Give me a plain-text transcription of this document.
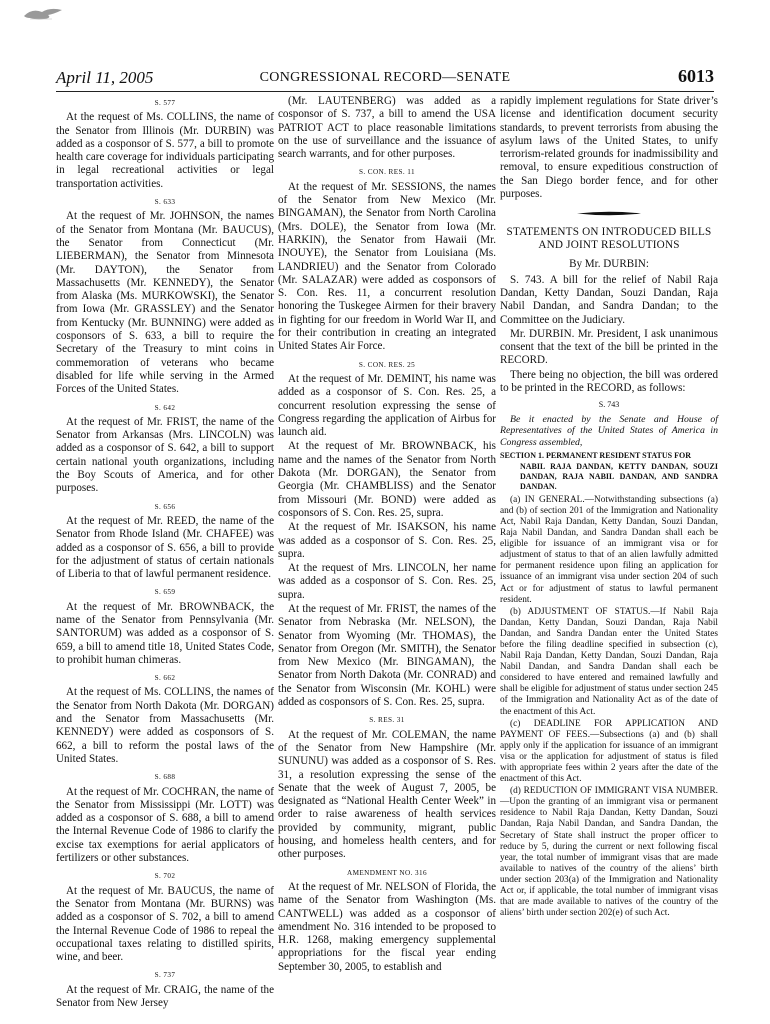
April 11, 2005	CONGRESSIONAL RECORD—SENATE	6013
S. 577

At the request of Ms. COLLINS, the name of the Senator from Illinois (Mr. DURBIN) was added as a cosponsor of S. 577, a bill to promote health care coverage for individuals participating in legal recreational activities or legal transportation activities.

S. 633

At the request of Mr. JOHNSON, the names of the Senator from Montana (Mr. BAUCUS), the Senator from Connecticut (Mr. LIEBERMAN), the Senator from Minnesota (Mr. DAYTON), the Senator from Massachusetts (Mr. KENNEDY), the Senator from Alaska (Ms. MURKOWSKI), the Senator from Iowa (Mr. GRASSLEY) and the Senator from Kentucky (Mr. BUNNING) were added as cosponsors of S. 633, a bill to require the Secretary of the Treasury to mint coins in commemoration of veterans who became disabled for life while serving in the Armed Forces of the United States.

S. 642

At the request of Mr. FRIST, the name of the Senator from Arkansas (Mrs. LINCOLN) was added as a cosponsor of S. 642, a bill to support certain national youth organizations, including the Boy Scouts of America, and for other purposes.

S. 656

At the request of Mr. REED, the name of the Senator from Rhode Island (Mr. CHAFEE) was added as a cosponsor of S. 656, a bill to provide for the adjustment of status of certain nationals of Liberia to that of lawful permanent residence.

S. 659

At the request of Mr. BROWNBACK, the name of the Senator from Pennsylvania (Mr. SANTORUM) was added as a cosponsor of S. 659, a bill to amend title 18, United States Code, to prohibit human chimeras.

S. 662

At the request of Ms. COLLINS, the names of the Senator from North Dakota (Mr. DORGAN) and the Senator from Massachusetts (Mr. KENNEDY) were added as cosponsors of S. 662, a bill to reform the postal laws of the United States.

S. 688

At the request of Mr. COCHRAN, the name of the Senator from Mississippi (Mr. LOTT) was added as a cosponsor of S. 688, a bill to amend the Internal Revenue Code of 1986 to clarify the excise tax exemptions for aerial applicators of fertilizers or other substances.

S. 702

At the request of Mr. BAUCUS, the name of the Senator from Montana (Mr. BURNS) was added as a cosponsor of S. 702, a bill to amend the Internal Revenue Code of 1986 to repeal the occupational taxes relating to distilled spirits, wine, and beer.

S. 737

At the request of Mr. CRAIG, the name of the Senator from New Jersey

(Mr. LAUTENBERG) was added as a cosponsor of S. 737, a bill to amend the USA PATRIOT ACT to place reasonable limitations on the use of surveillance and the issuance of search warrants, and for other purposes.

S. CON. RES. 11

At the request of Mr. SESSIONS, the names of the Senator from New Mexico (Mr. BINGAMAN), the Senator from North Carolina (Mrs. DOLE), the Senator from Iowa (Mr. HARKIN), the Senator from Hawaii (Mr. INOUYE), the Senator from Louisiana (Ms. LANDRIEU) and the Senator from Colorado (Mr. SALAZAR) were added as cosponsors of S. Con. Res. 11, a concurrent resolution honoring the Tuskegee Airmen for their bravery in fighting for our freedom in World War II, and for their contribution in creating an integrated United States Air Force.

S. CON. RES. 25

At the request of Mr. DEMINT, his name was added as a cosponsor of S. Con. Res. 25, a concurrent resolution expressing the sense of Congress regarding the application of Airbus for launch aid.

At the request of Mr. BROWNBACK, his name and the names of the Senator from North Dakota (Mr. DORGAN), the Senator from Georgia (Mr. CHAMBLISS) and the Senator from Missouri (Mr. BOND) were added as cosponsors of S. Con. Res. 25, supra.

At the request of Mr. ISAKSON, his name was added as a cosponsor of S. Con. Res. 25, supra.

At the request of Mrs. LINCOLN, her name was added as a cosponsor of S. Con. Res. 25, supra.

At the request of Mr. FRIST, the names of the Senator from Nebraska (Mr. NELSON), the Senator from Wyoming (Mr. THOMAS), the Senator from Oregon (Mr. SMITH), the Senator from New Mexico (Mr. BINGAMAN), the Senator from North Dakota (Mr. CONRAD) and the Senator from Wisconsin (Mr. KOHL) were added as cosponsors of S. Con. Res. 25, supra.

S. RES. 31

At the request of Mr. COLEMAN, the name of the Senator from New Hampshire (Mr. SUNUNU) was added as a cosponsor of S. Res. 31, a resolution expressing the sense of the Senate that the week of August 7, 2005, be designated as “National Health Center Week” in order to raise awareness of health services provided by community, migrant, public housing, and homeless health centers, and for other purposes.

AMENDMENT NO. 316

At the request of Mr. NELSON of Florida, the name of the Senator from Washington (Ms. CANTWELL) was added as a cosponsor of amendment No. 316 intended to be proposed to H.R. 1268, making emergency supplemental appropriations for the fiscal year ending September 30, 2005, to establish and

rapidly implement regulations for State driver’s license and identification document security standards, to prevent terrorists from abusing the asylum laws of the United States, to unify terrorism-related grounds for inadmissibility and removal, to ensure expeditious construction of the San Diego border fence, and for other purposes.

STATEMENTS ON INTRODUCED BILLS AND JOINT RESOLUTIONS
By Mr. DURBIN:

S. 743. A bill for the relief of Nabil Raja Dandan, Ketty Dandan, Souzi Dandan, Raja Nabil Dandan, and Sandra Dandan; to the Committee on the Judiciary.

Mr. DURBIN. Mr. President, I ask unanimous consent that the text of the bill be printed in the RECORD.

There being no objection, the bill was ordered to be printed in the RECORD, as follows:

S. 743

Be it enacted by the Senate and House of Representatives of the United States of America in Congress assembled,

SECTION 1. PERMANENT RESIDENT STATUS FOR
NABIL RAJA DANDAN, KETTY DANDAN, SOUZI DANDAN, RAJA NABIL DANDAN, AND SANDRA DANDAN.

(a) IN GENERAL.—Notwithstanding subsections (a) and (b) of section 201 of the Immigration and Nationality Act, Nabil Raja Dandan, Ketty Dandan, Souzi Dandan, Raja Nabil Dandan, and Sandra Dandan shall each be eligible for issuance of an immigrant visa or for adjustment of status to that of an alien lawfully admitted for permanent residence upon filing an application for issuance of an immigrant visa under section 204 of such Act or for adjustment of status to lawful permanent resident.

(b) ADJUSTMENT OF STATUS.—If Nabil Raja Dandan, Ketty Dandan, Souzi Dandan, Raja Nabil Dandan, and Sandra Dandan enter the United States before the filing deadline specified in subsection (c), Nabil Raja Dandan, Ketty Dandan, Souzi Dandan, Raja Nabil Dandan, and Sandra Dandan shall each be considered to have entered and remained lawfully and shall be eligible for adjustment of status under section 245 of the Immigration and Nationality Act as of the date of the enactment of this Act.

(c) DEADLINE FOR APPLICATION AND PAYMENT OF FEES.—Subsections (a) and (b) shall apply only if the application for issuance of an immigrant visa or the application for adjustment of status is filed with appropriate fees within 2 years after the date of the enactment of this Act.

(d) REDUCTION OF IMMIGRANT VISA NUMBER.—Upon the granting of an immigrant visa or permanent residence to Nabil Raja Dandan, Ketty Dandan, Souzi Dandan, Raja Nabil Dandan, and Sandra Dandan, the Secretary of State shall instruct the proper officer to reduce by 5, during the current or next following fiscal year, the total number of immigrant visas that are made available to natives of the country of the aliens’ birth under section 203(a) of the Immigration and Nationality Act or, if applicable, the total number of immigrant visas that are made available to natives of the country of the aliens’ birth under section 202(e) of such Act.
